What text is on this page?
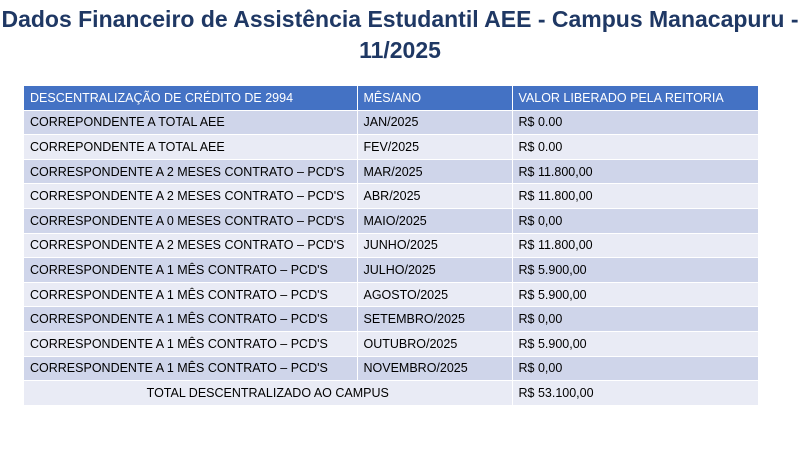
Dados Financeiro de Assistência Estudantil AEE - Campus Manacapuru -
11/2025
DESCENTRALIZAÇÃO DE CRÉDITO DE 2994	MÊS/ANO	VALOR LIBERADO PELA REITORIA
CORREPONDENTE A TOTAL AEE	JAN/2025	R$ 0.00
CORREPONDENTE A TOTAL AEE	FEV/2025	R$ 0.00
CORRESPONDENTE A 2 MESES CONTRATO – PCD'S	MAR/2025	R$ 11.800,00
CORRESPONDENTE A 2 MESES CONTRATO – PCD'S	ABR/2025	R$ 11.800,00
CORRESPONDENTE A 0 MESES CONTRATO – PCD'S	MAIO/2025	R$ 0,00
CORRESPONDENTE A 2 MESES CONTRATO – PCD'S	JUNHO/2025	R$ 11.800,00
CORRESPONDENTE A 1 MÊS CONTRATO – PCD'S	JULHO/2025	R$ 5.900,00
CORRESPONDENTE A 1 MÊS CONTRATO – PCD'S	AGOSTO/2025	R$ 5.900,00
CORRESPONDENTE A 1 MÊS CONTRATO – PCD'S	SETEMBRO/2025	R$ 0,00
CORRESPONDENTE A 1 MÊS CONTRATO – PCD'S	OUTUBRO/2025	R$ 5.900,00
CORRESPONDENTE A 1 MÊS CONTRATO – PCD'S	NOVEMBRO/2025	R$ 0,00
TOTAL DESCENTRALIZADO AO CAMPUS		R$ 53.100,00
